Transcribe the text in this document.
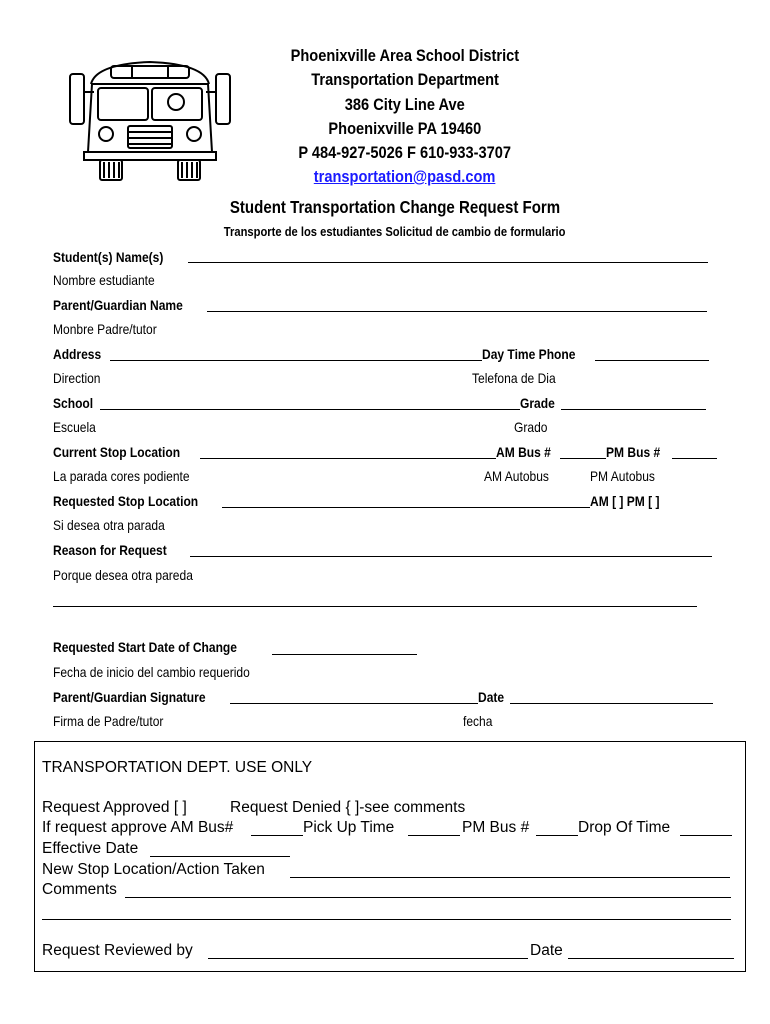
Phoenixville Area School District
Transportation Department
386 City Line Ave
Phoenixville PA 19460
P 484-927-5026 F 610-933-3707
transportation@pasd.com
Student Transportation Change Request Form
Transporte de los estudiantes Solicitud de cambio de formulario
Student(s) Name(s)
Nombre estudiante
Parent/Guardian Name
Monbre Padre/tutor
Address	Day Time Phone
Direction	Telefona de Dia
School	Grade
Escuela	Grado
Current Stop Location	AM Bus #	PM Bus #
La parada cores podiente	AM Autobus	PM Autobus
Requested Stop Location	AM [ ] PM [ ]
Si desea otra parada
Reason for Request
Porque desea otra pareda
Requested Start Date of Change
Fecha de inicio del cambio requerido
Parent/Guardian Signature	Date
Firma de Padre/tutor	fecha
TRANSPORTATION DEPT. USE ONLY
Request Approved [ ]	Request Denied { ]-see comments
If request approve AM Bus#	Pick Up Time	PM Bus #	Drop Of Time
Effective Date
New Stop Location/Action Taken
Comments
Request Reviewed by	Date
